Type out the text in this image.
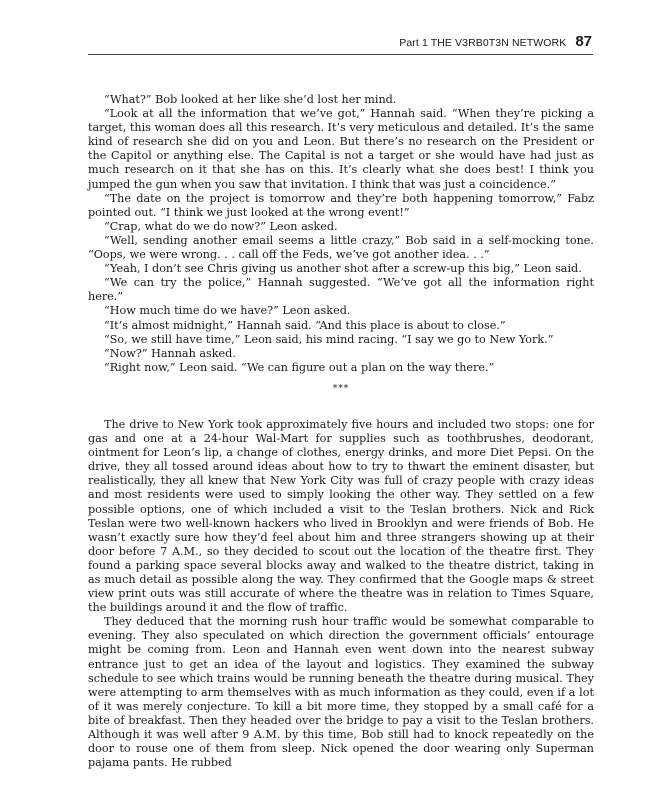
Part 1 THE V3RB0T3N NETWORK 87

“What?” Bob looked at her like she’d lost her mind.

“Look at all the information that we’ve got,” Hannah said. “When they’re picking a target, this woman does all this research. It’s very meticulous and detailed. It’s the same kind of research she did on you and Leon. But there’s no research on the President or the Capitol or anything else. The Capital is not a target or she would have had just as much research on it that she has on this. It’s clearly what she does best! I think you jumped the gun when you saw that invitation. I think that was just a coincidence.”

“The date on the project is tomorrow and they’re both happening tomorrow,” Fabz pointed out. “I think we just looked at the wrong event!”

“Crap, what do we do now?” Leon asked.

“Well, sending another email seems a little crazy,” Bob said in a self-mocking tone. “Oops, we were wrong. . . call off the Feds, we’ve got another idea. . .”

“Yeah, I don’t see Chris giving us another shot after a screw-up this big,” Leon said.

“We can try the police,” Hannah suggested. “We’ve got all the information right here.”

“How much time do we have?” Leon asked.

“It’s almost midnight,” Hannah said. “And this place is about to close.”

“So, we still have time,” Leon said, his mind racing. “I say we go to New York.”

“Now?” Hannah asked.

“Right now,” Leon said. “We can figure out a plan on the way there.”

***

The drive to New York took approximately five hours and included two stops: one for gas and one at a 24-hour Wal-Mart for supplies such as toothbrushes, deodorant, ointment for Leon’s lip, a change of clothes, energy drinks, and more Diet Pepsi. On the drive, they all tossed around ideas about how to try to thwart the eminent disaster, but realistically, they all knew that New York City was full of crazy people with crazy ideas and most residents were used to simply looking the other way. They settled on a few possible options, one of which included a visit to the Teslan brothers. Nick and Rick Teslan were two well-known hackers who lived in Brooklyn and were friends of Bob. He wasn’t exactly sure how they’d feel about him and three strangers showing up at their door before 7 A.M., so they decided to scout out the location of the theatre first. They found a parking space several blocks away and walked to the theatre district, taking in as much detail as possible along the way. They confirmed that the Google maps & street view print outs was still accurate of where the theatre was in relation to Times Square, the buildings around it and the flow of traffic.

They deduced that the morning rush hour traffic would be somewhat comparable to evening. They also speculated on which direction the government officials’ entourage might be coming from. Leon and Hannah even went down into the nearest subway entrance just to get an idea of the layout and logistics. They examined the subway schedule to see which trains would be running beneath the theatre during musical. They were attempting to arm themselves with as much information as they could, even if a lot of it was merely conjecture. To kill a bit more time, they stopped by a small café for a bite of breakfast. Then they headed over the bridge to pay a visit to the Teslan brothers. Although it was well after 9 A.M. by this time, Bob still had to knock repeatedly on the door to rouse one of them from sleep. Nick opened the door wearing only Superman pajama pants. He rubbed
